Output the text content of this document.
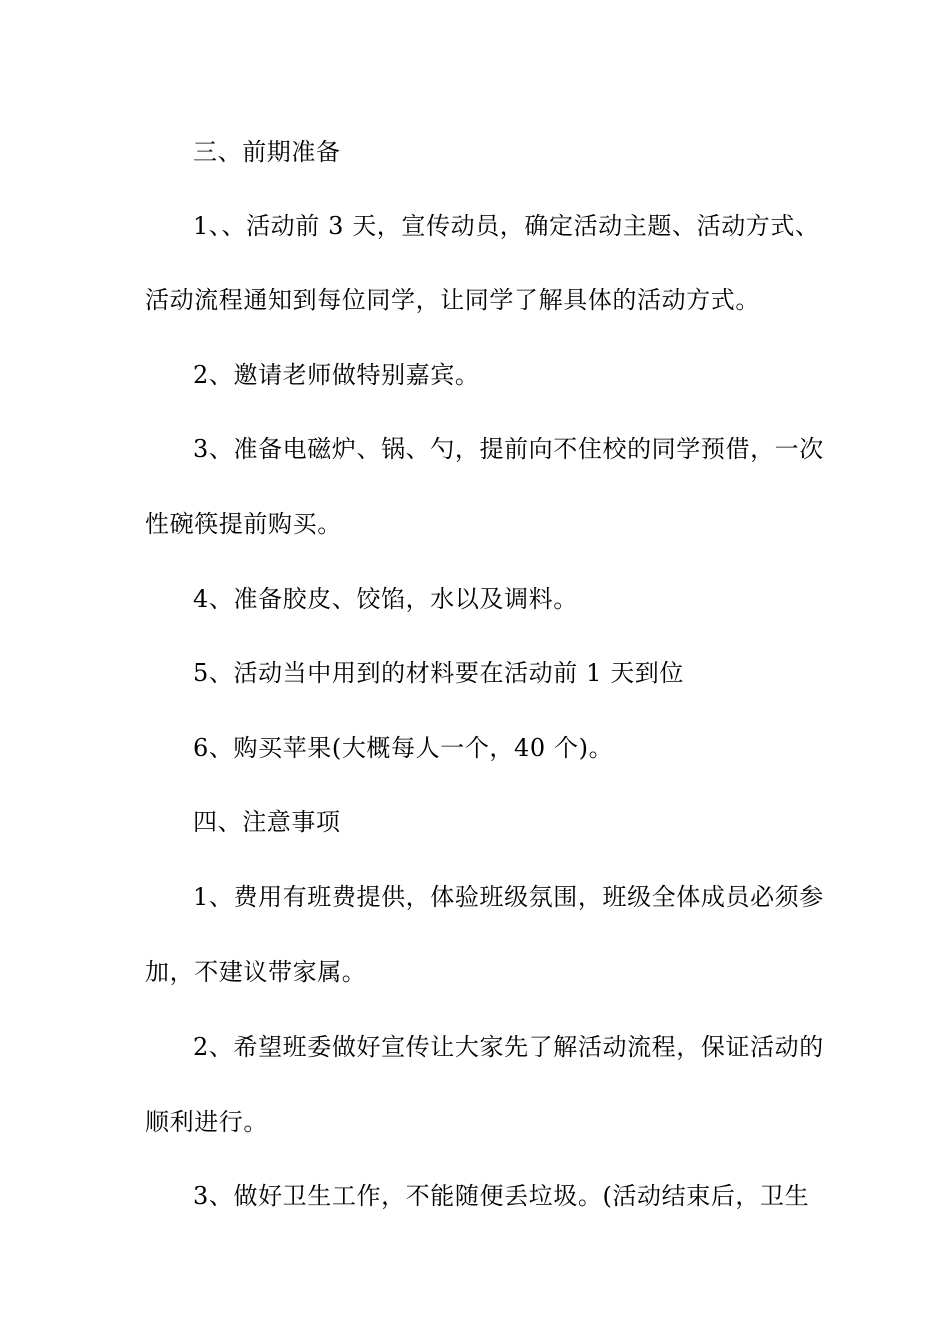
三、前期准备
1、、活动前 3 天，宣传动员，确定活动主题、活动方式、
活动流程通知到每位同学，让同学了解具体的活动方式。
2、邀请老师做特别嘉宾。
3、准备电磁炉、锅、勺，提前向不住校的同学预借，一次
性碗筷提前购买。
4、准备胶皮、饺馅，水以及调料。
5、活动当中用到的材料要在活动前 1 天到位
6、购买苹果(大概每人一个，40 个)。
四、注意事项
1、费用有班费提供，体验班级氛围，班级全体成员必须参
加，不建议带家属。
2、希望班委做好宣传让大家先了解活动流程，保证活动的
顺利进行。
3、做好卫生工作，不能随便丢垃圾。(活动结束后，卫生
